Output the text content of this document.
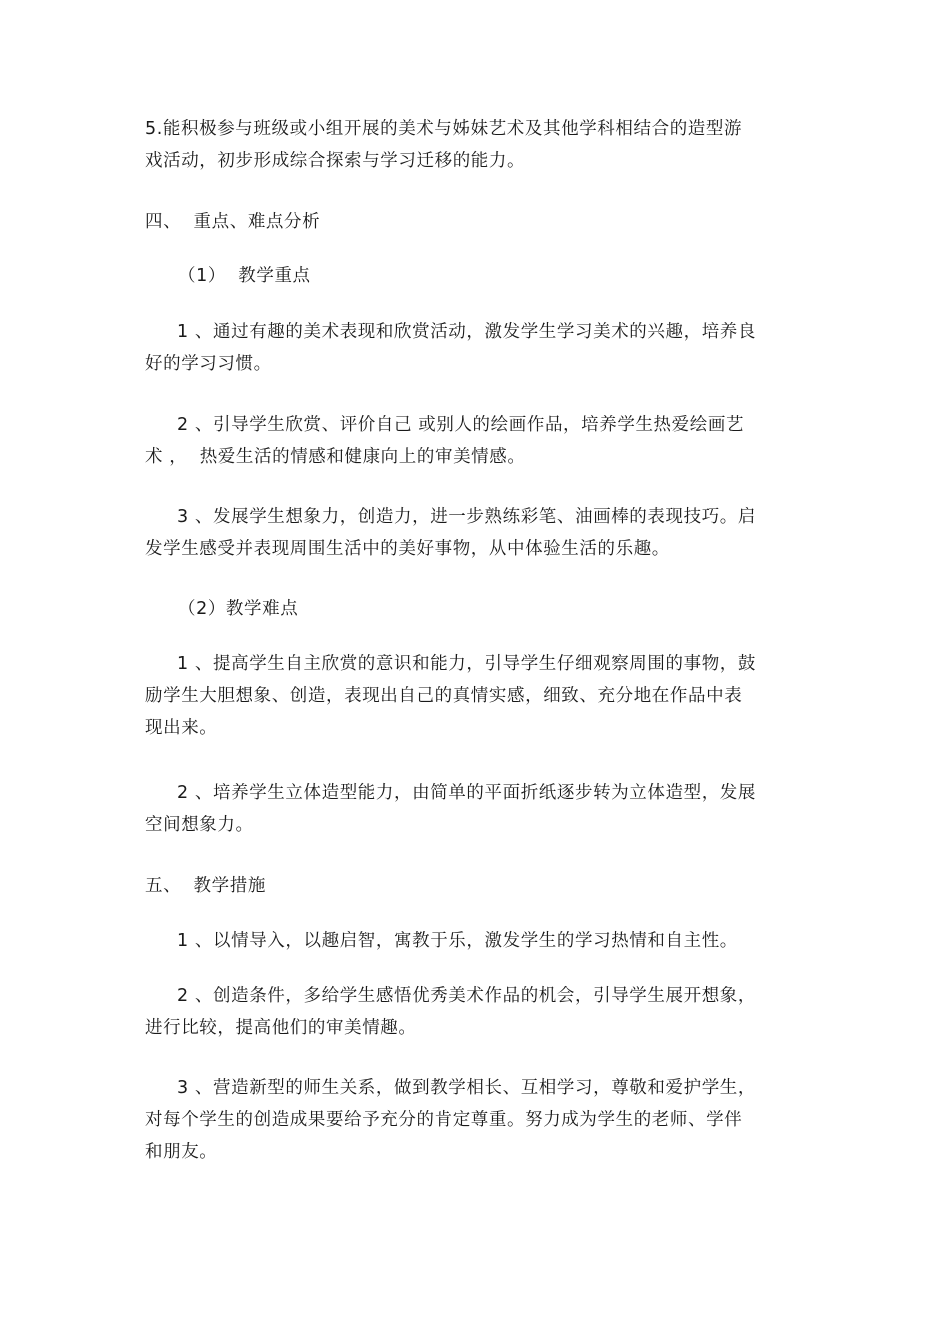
5.能积极参与班级或小组开展的美术与姊妹艺术及其他学科相结合的造型游
戏活动，初步形成综合探索与学习迁移的能力。
四、  重点、难点分析
（1）  教学重点
1 、通过有趣的美术表现和欣赏活动，激发学生学习美术的兴趣，培养良
好的学习习惯。
2 、引导学生欣赏、评价自己 或别人的绘画作品，培养学生热爱绘画艺
术 ，  热爱生活的情感和健康向上的审美情感。
3 、发展学生想象力，创造力，进一步熟练彩笔、油画棒的表现技巧。启
发学生感受并表现周围生活中的美好事物，从中体验生活的乐趣。
（2）教学难点
1 、提高学生自主欣赏的意识和能力，引导学生仔细观察周围的事物，鼓
励学生大胆想象、创造，表现出自己的真情实感，细致、充分地在作品中表
现出来。
2 、培养学生立体造型能力，由简单的平面折纸逐步转为立体造型，发展
空间想象力。
五、  教学措施
1 、以情导入，以趣启智，寓教于乐，激发学生的学习热情和自主性。
2 、创造条件，多给学生感悟优秀美术作品的机会，引导学生展开想象，
进行比较，提高他们的审美情趣。
3 、营造新型的师生关系，做到教学相长、互相学习，尊敬和爱护学生，
对每个学生的创造成果要给予充分的肯定尊重。努力成为学生的老师、学伴
和朋友。
